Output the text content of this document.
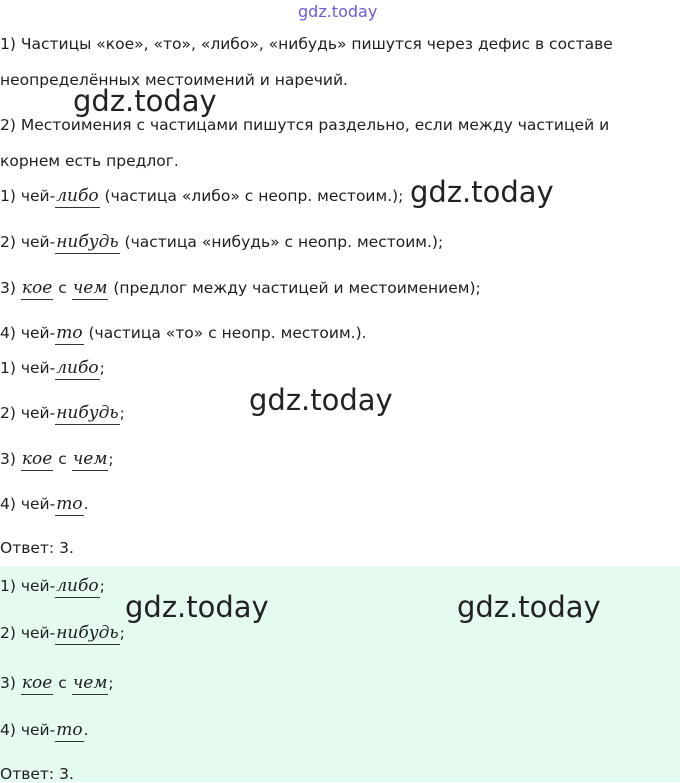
gdz.today
1) Частицы «кое», «то», «либо», «нибудь» пишутся через дефис в составе
неопределённых местоимений и наречий.
2) Местоимения с частицами пишутся раздельно, если между частицей и
корнем есть предлог.
1) чей-либо (частица «либо» с неопр. местоим.);
2) чей-нибудь (частица «нибудь» с неопр. местоим.);
3) кое с чем (предлог между частицей и местоимением);
4) чей-то (частица «то» с неопр. местоим.).
1) чей-либо;
2) чей-нибудь;
3) кое с чем;
4) чей-то.
Ответ: 3.
1) чей-либо;
2) чей-нибудь;
3) кое с чем;
4) чей-то.
Ответ: 3.
gdz.today
gdz.today
gdz.today
gdz.today	gdz.today
